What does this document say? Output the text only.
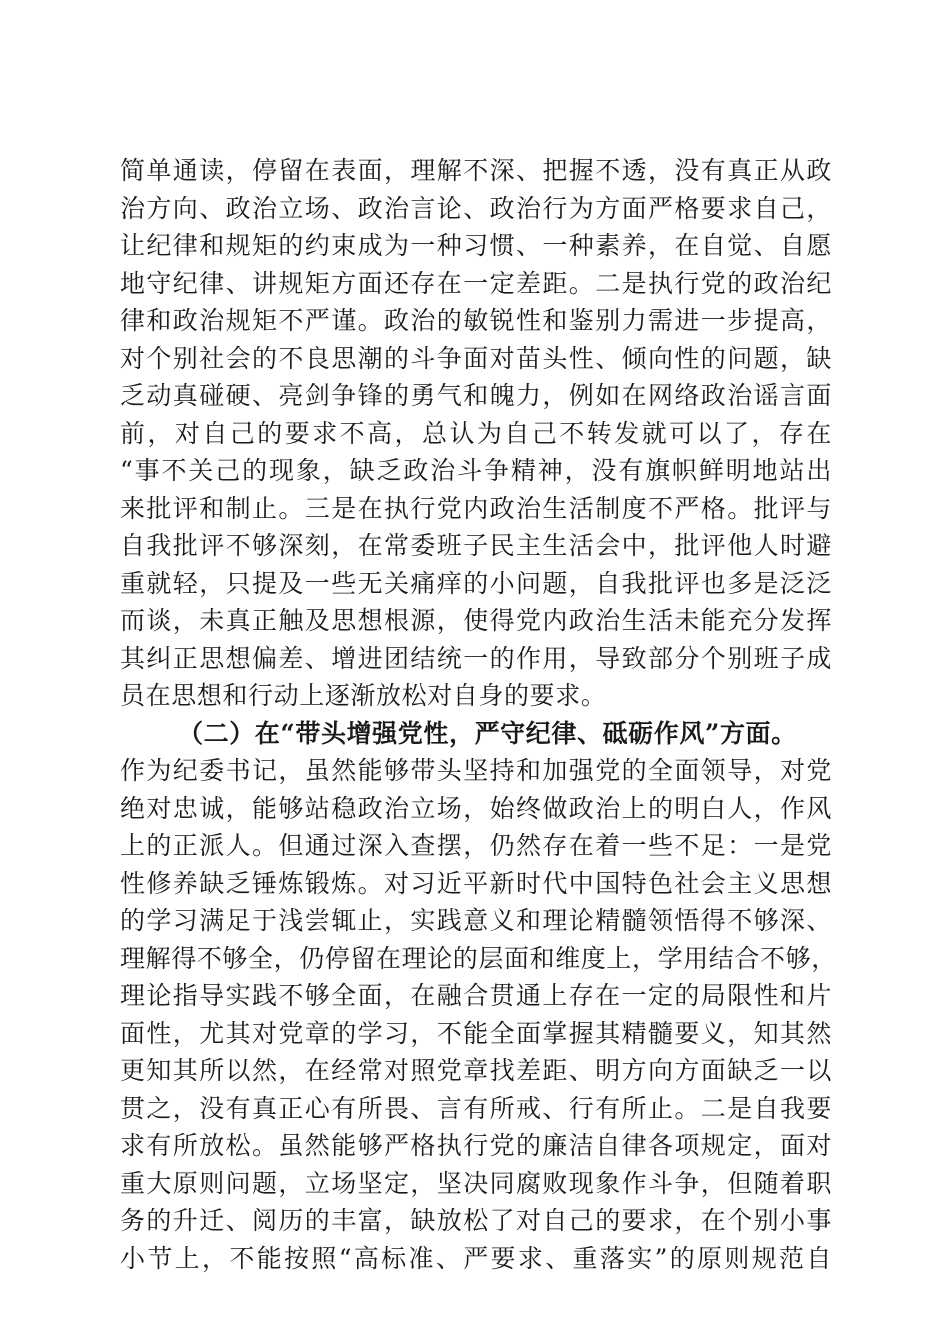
简单通读，停留在表面，理解不深、把握不透，没有真正从政
治方向、政治立场、政治言论、政治行为方面严格要求自己，
让纪律和规矩的约束成为一种习惯、一种素养，在自觉、自愿
地守纪律、讲规矩方面还存在一定差距。二是执行党的政治纪
律和政治规矩不严谨。政治的敏锐性和鉴别力需进一步提高，
对个别社会的不良思潮的斗争面对苗头性、倾向性的问题，缺
乏动真碰硬、亮剑争锋的勇气和魄力，例如在网络政治谣言面
前，对自己的要求不高，总认为自己不转发就可以了，存在
“事不关己的现象，缺乏政治斗争精神，没有旗帜鲜明地站出
来批评和制止。三是在执行党内政治生活制度不严格。批评与
自我批评不够深刻，在常委班子民主生活会中，批评他人时避
重就轻，只提及一些无关痛痒的小问题，自我批评也多是泛泛
而谈，未真正触及思想根源，使得党内政治生活未能充分发挥
其纠正思想偏差、增进团结统一的作用，导致部分个别班子成
员在思想和行动上逐渐放松对自身的要求。
（二）在“带头增强党性，严守纪律、砥砺作风”方面。
作为纪委书记，虽然能够带头坚持和加强党的全面领导，对党
绝对忠诚，能够站稳政治立场，始终做政治上的明白人，作风
上的正派人。但通过深入查摆，仍然存在着一些不足：一是党
性修养缺乏锤炼锻炼。对习近平新时代中国特色社会主义思想
的学习满足于浅尝辄止，实践意义和理论精髓领悟得不够深、
理解得不够全，仍停留在理论的层面和维度上，学用结合不够，
理论指导实践不够全面，在融合贯通上存在一定的局限性和片
面性，尤其对党章的学习，不能全面掌握其精髓要义，知其然
更知其所以然，在经常对照党章找差距、明方向方面缺乏一以
贯之，没有真正心有所畏、言有所戒、行有所止。二是自我要
求有所放松。虽然能够严格执行党的廉洁自律各项规定，面对
重大原则问题，立场坚定，坚决同腐败现象作斗争，但随着职
务的升迁、阅历的丰富，缺放松了对自己的要求，在个别小事
小节上，不能按照“高标准、严要求、重落实”的原则规范自
